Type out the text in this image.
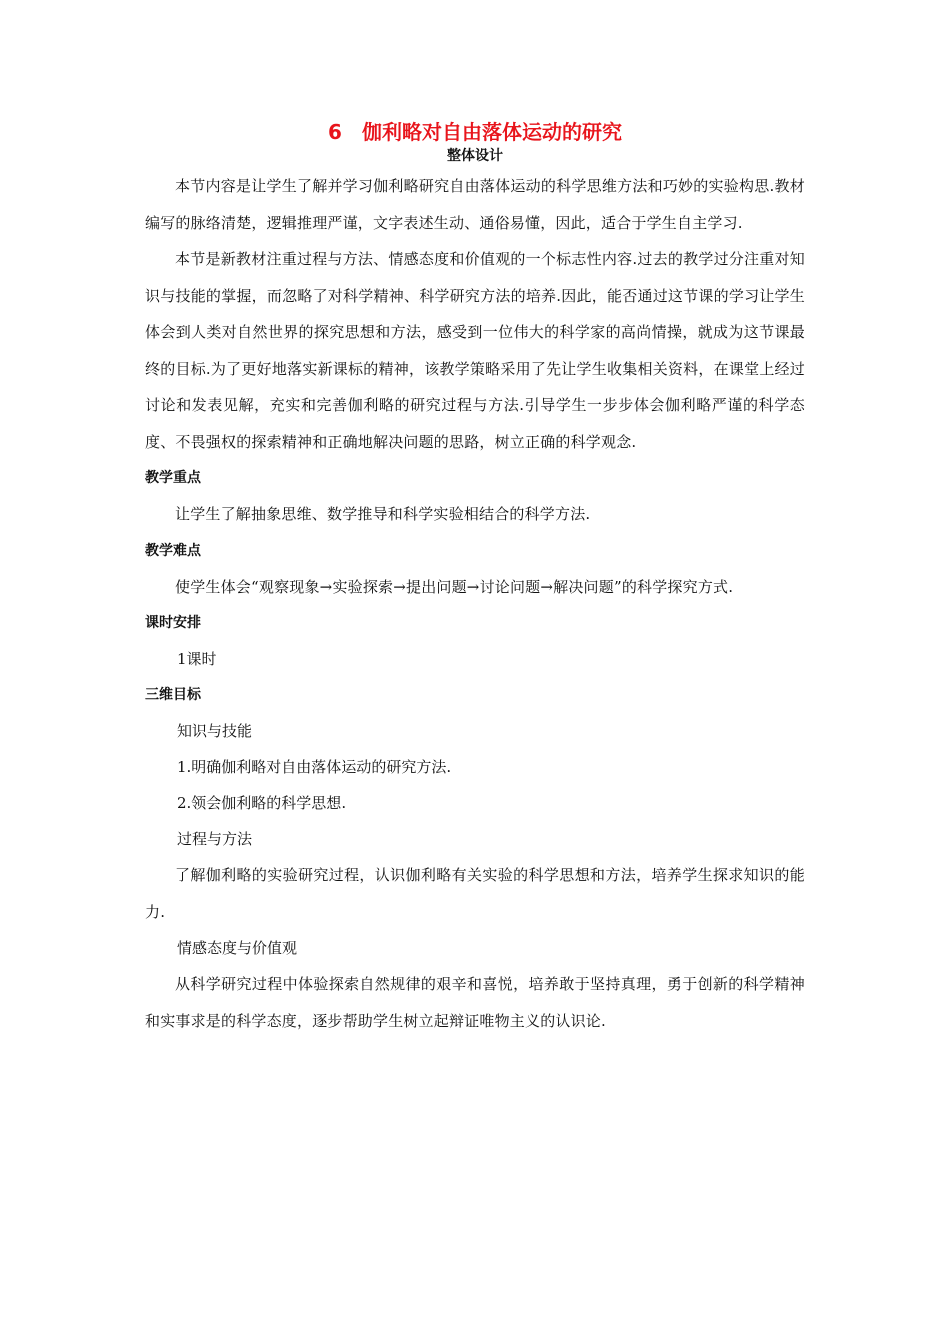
6　伽利略对自由落体运动的研究
整体设计

本节内容是让学生了解并学习伽利略研究自由落体运动的科学思维方法和巧妙的实验构思.教材编写的脉络清楚，逻辑推理严谨，文字表述生动、通俗易懂，因此，适合于学生自主学习.

本节是新教材注重过程与方法、情感态度和价值观的一个标志性内容.过去的教学过分注重对知识与技能的掌握，而忽略了对科学精神、科学研究方法的培养.因此，能否通过这节课的学习让学生体会到人类对自然世界的探究思想和方法，感受到一位伟大的科学家的高尚情操，就成为这节课最终的目标.为了更好地落实新课标的精神，该教学策略采用了先让学生收集相关资料，在课堂上经过讨论和发表见解，充实和完善伽利略的研究过程与方法.引导学生一步步体会伽利略严谨的科学态度、不畏强权的探索精神和正确地解决问题的思路，树立正确的科学观念.

教学重点

让学生了解抽象思维、数学推导和科学实验相结合的科学方法.

教学难点

使学生体会“观察现象→实验探索→提出问题→讨论问题→解决问题”的科学探究方式.

课时安排

1课时

三维目标

知识与技能

1.明确伽利略对自由落体运动的研究方法.

2.领会伽利略的科学思想.

过程与方法

了解伽利略的实验研究过程，认识伽利略有关实验的科学思想和方法，培养学生探求知识的能力.

情感态度与价值观

从科学研究过程中体验探索自然规律的艰辛和喜悦，培养敢于坚持真理，勇于创新的科学精神和实事求是的科学态度，逐步帮助学生树立起辩证唯物主义的认识论.
